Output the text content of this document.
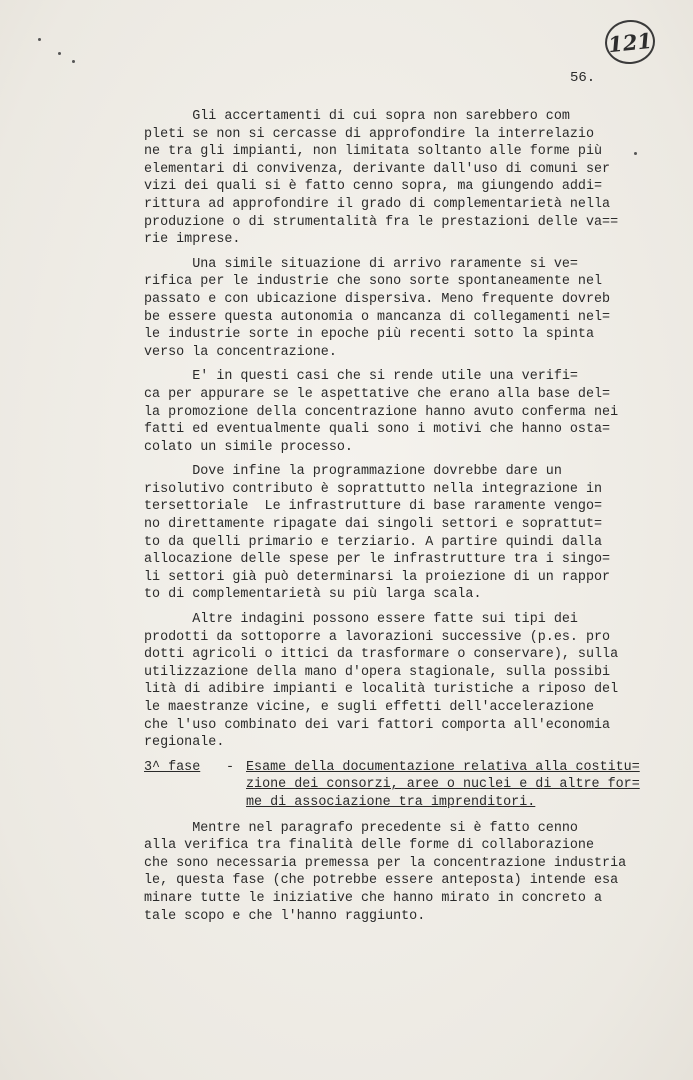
121
56.

Gli accertamenti di cui sopra non sarebbero com
pleti se non si cercasse di approfondire la interrelazio
ne tra gli impianti, non limitata soltanto alle forme più
elementari di convivenza, derivante dall'uso di comuni ser
vizi dei quali si è fatto cenno sopra, ma giungendo addi=
rittura ad approfondire il grado di complementarietà nella
produzione o di strumentalità fra le prestazioni delle va==
rie imprese.

Una simile situazione di arrivo raramente si ve=
rifica per le industrie che sono sorte spontaneamente nel
passato e con ubicazione dispersiva. Meno frequente dovreb
be essere questa autonomia o mancanza di collegamenti nel=
le industrie sorte in epoche più recenti sotto la spinta
verso la concentrazione.

E' in questi casi che si rende utile una verifi=
ca per appurare se le aspettative che erano alla base del=
la promozione della concentrazione hanno avuto conferma nei
fatti ed eventualmente quali sono i motivi che hanno osta=
colato un simile processo.

Dove infine la programmazione dovrebbe dare un
risolutivo contributo è soprattutto nella integrazione in
tersettoriale  Le infrastrutture di base raramente vengo=
no direttamente ripagate dai singoli settori e soprattut=
to da quelli primario e terziario. A partire quindi dalla
allocazione delle spese per le infrastrutture tra i singo=
li settori già può determinarsi la proiezione di un rappor
to di complementarietà su più larga scala.

Altre indagini possono essere fatte sui tipi dei
prodotti da sottoporre a lavorazioni successive (p.es. pro
dotti agricoli o ittici da trasformare o conservare), sulla
utilizzazione della mano d'opera stagionale, sulla possibi
lità di adibire impianti e località turistiche a riposo del
le maestranze vicine, e sugli effetti dell'accelerazione
che l'uso combinato dei vari fattori comporta all'economia
regionale.

3^ fase	- Esame della documentazione relativa alla costitu=
zione dei consorzi, aree o nuclei e di altre for=
me di associazione tra imprenditori.

Mentre nel paragrafo precedente si è fatto cenno
alla verifica tra finalità delle forme di collaborazione
che sono necessaria premessa per la concentrazione industria
le, questa fase (che potrebbe essere anteposta) intende esa
minare tutte le iniziative che hanno mirato in concreto a
tale scopo e che l'hanno raggiunto.
